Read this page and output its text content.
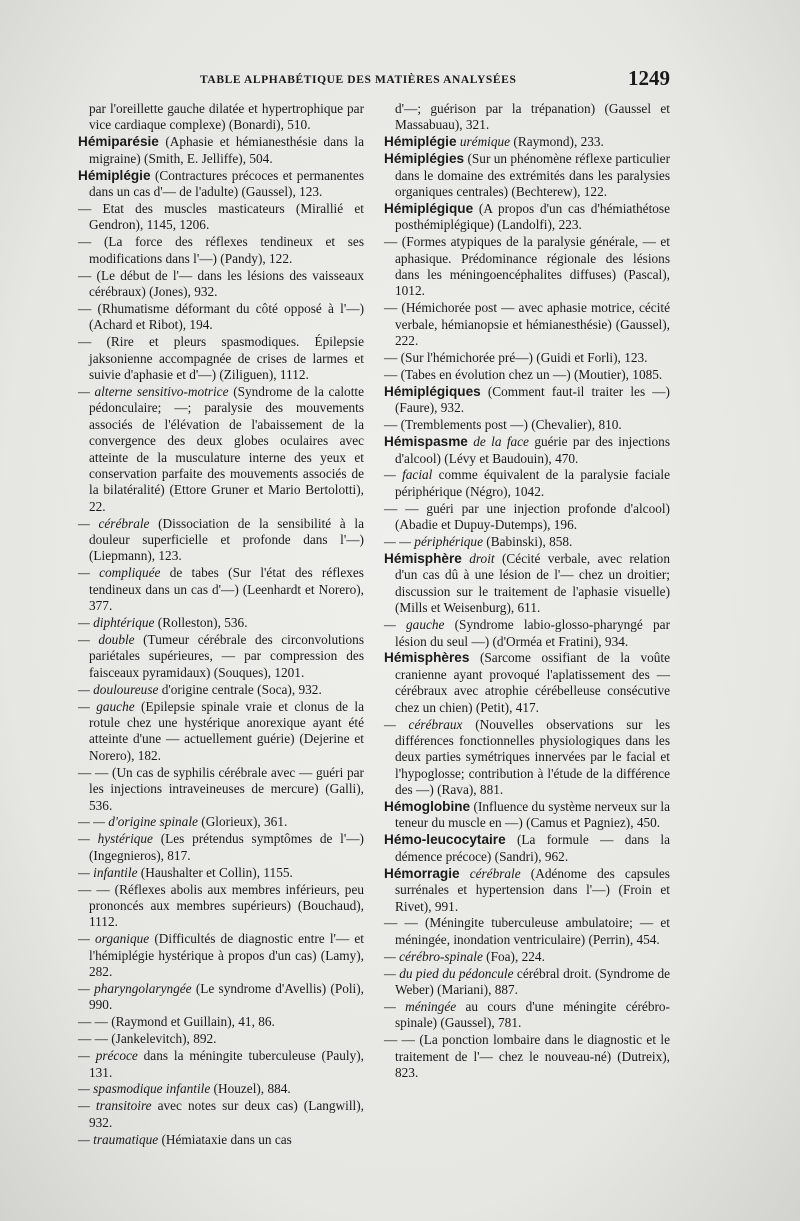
TABLE ALPHABÉTIQUE DES MATIÈRES ANALYSÉES	1249

par l'oreillette gauche dilatée et hypertrophique par vice cardiaque complexe) (Bonardi), 510.

Hémiparésie (Aphasie et hémianesthésie dans la migraine) (Smith, E. Jelliffe), 504.

Hémiplégie (Contractures précoces et permanentes dans un cas d'— de l'adulte) (Gaussel), 123.

— Etat des muscles masticateurs (Mirallié et Gendron), 1145, 1206.

— (La force des réflexes tendineux et ses modifications dans l'—) (Pandy), 122.

— (Le début de l'— dans les lésions des vaisseaux cérébraux) (Jones), 932.

— (Rhumatisme déformant du côté opposé à l'—) (Achard et Ribot), 194.

— (Rire et pleurs spasmodiques. Épilepsie jaksonienne accompagnée de crises de larmes et suivie d'aphasie et d'—) (Ziliguen), 1112.

— alterne sensitivo-motrice (Syndrome de la calotte pédonculaire; —; paralysie des mouvements associés de l'élévation de l'abaissement de la convergence des deux globes oculaires avec atteinte de la musculature interne des yeux et conservation parfaite des mouvements associés de la bilatéralité) (Ettore Gruner et Mario Bertolotti), 22.

— cérébrale (Dissociation de la sensibilité à la douleur superficielle et profonde dans l'—) (Liepmann), 123.

— compliquée de tabes (Sur l'état des réflexes tendineux dans un cas d'—) (Leenhardt et Norero), 377.

— diphtérique (Rolleston), 536.

— double (Tumeur cérébrale des circonvolutions pariétales supérieures, — par compression des faisceaux pyramidaux) (Souques), 1201.

— douloureuse d'origine centrale (Soca), 932.

— gauche (Epilepsie spinale vraie et clonus de la rotule chez une hystérique anorexique ayant été atteinte d'une — actuellement guérie) (Dejerine et Norero), 182.

— — (Un cas de syphilis cérébrale avec — guéri par les injections intraveineuses de mercure) (Galli), 536.

— — d'origine spinale (Glorieux), 361.

— hystérique (Les prétendus symptômes de l'—) (Ingegnieros), 817.

— infantile (Haushalter et Collin), 1155.

— — (Réflexes abolis aux membres inférieurs, peu prononcés aux membres supérieurs) (Bouchaud), 1112.

— organique (Difficultés de diagnostic entre l'— et l'hémiplégie hystérique à propos d'un cas) (Lamy), 282.

— pharyngolaryngée (Le syndrome d'Avellis) (Poli), 990.

— — (Raymond et Guillain), 41, 86.

— — (Jankelevitch), 892.

— précoce dans la méningite tuberculeuse (Pauly), 131.

— spasmodique infantile (Houzel), 884.

— transitoire avec notes sur deux cas) (Langwill), 932.

— traumatique (Hémiataxie dans un cas

d'—; guérison par la trépanation) (Gaussel et Massabuau), 321.

Hémiplégie urémique (Raymond), 233.

Hémiplégies (Sur un phénomène réflexe particulier dans le domaine des extrémités dans les paralysies organiques centrales) (Bechterew), 122.

Hémiplégique (A propos d'un cas d'hémiathétose posthémiplégique) (Landolfi), 223.

— (Formes atypiques de la paralysie générale, — et aphasique. Prédominance régionale des lésions dans les méningoencéphalites diffuses) (Pascal), 1012.

— (Hémichorée post — avec aphasie motrice, cécité verbale, hémianopsie et hémianesthésie) (Gaussel), 222.

— (Sur l'hémichorée pré—) (Guidi et Forli), 123.

— (Tabes en évolution chez un —) (Moutier), 1085.

Hémiplégiques (Comment faut-il traiter les —) (Faure), 932.

— (Tremblements post —) (Chevalier), 810.

Hémispasme de la face guérie par des injections d'alcool) (Lévy et Baudouin), 470.

— facial comme équivalent de la paralysie faciale périphérique (Négro), 1042.

— — guéri par une injection profonde d'alcool) (Abadie et Dupuy-Dutemps), 196.

— — périphérique (Babinski), 858.

Hémisphère droit (Cécité verbale, avec relation d'un cas dû à une lésion de l'— chez un droitier; discussion sur le traitement de l'aphasie visuelle) (Mills et Weisenburg), 611.

— gauche (Syndrome labio-glosso-pharyngé par lésion du seul —) (d'Orméa et Fratini), 934.

Hémisphères (Sarcome ossifiant de la voûte cranienne ayant provoqué l'aplatissement des — cérébraux avec atrophie cérébelleuse consécutive chez un chien) (Petit), 417.

— cérébraux (Nouvelles observations sur les différences fonctionnelles physiologiques dans les deux parties symétriques innervées par le facial et l'hypoglosse; contribution à l'étude de la différence des —) (Rava), 881.

Hémoglobine (Influence du système nerveux sur la teneur du muscle en —) (Camus et Pagniez), 450.

Hémo-leucocytaire (La formule — dans la démence précoce) (Sandri), 962.

Hémorragie cérébrale (Adénome des capsules surrénales et hypertension dans l'—) (Froin et Rivet), 991.

— — (Méningite tuberculeuse ambulatoire; — et méningée, inondation ventriculaire) (Perrin), 454.

— cérébro-spinale (Foa), 224.

— du pied du pédoncule cérébral droit. (Syndrome de Weber) (Mariani), 887.

— méningée au cours d'une méningite cérébro-spinale) (Gaussel), 781.

— — (La ponction lombaire dans le diagnostic et le traitement de l'— chez le nouveau-né) (Dutreix), 823.
